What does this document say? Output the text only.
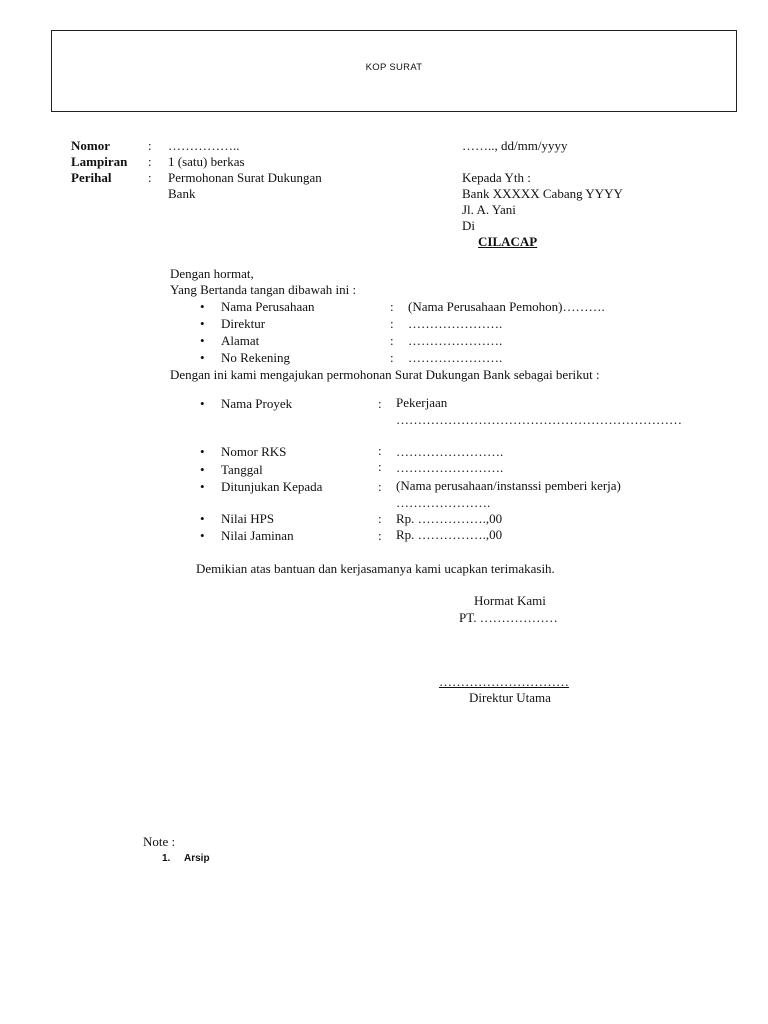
KOP SURAT
Nomor	: ……………..
Lampiran : 1 (satu) berkas
Perihal	: Permohonan Surat Dukungan
Bank
…….., dd/mm/yyyy
Kepada Yth :
Bank XXXXX Cabang YYYY
Jl. A. Yani
Di
CILACAP
Dengan hormat,
Yang Bertanda tangan dibawah ini :
•
Nama Perusahaan	: (Nama Perusahaan Pemohon)……….
•
Direktur	: ………………….
•
Alamat	: ………………….
•
No Rekening	: ………………….
Dengan ini kami mengajukan permohonan Surat Dukungan Bank sebagai berikut :
•
Nama Proyek	: Pekerjaan
…………………………………………………………
•
Nomor RKS	: …………………….
•
Tanggal	: …………………….
•
Ditunjukan Kepada	: (Nama perusahaan/instanssi pemberi kerja)
………………….
•
Nilai HPS	: Rp. …………….,00
•
Nilai Jaminan	: Rp. …………….,00
Demikian atas bantuan dan kerjasamanya kami ucapkan terimakasih.
Hormat Kami
PT. ………………
…………………………
Direktur Utama
Note :
1. Arsip
